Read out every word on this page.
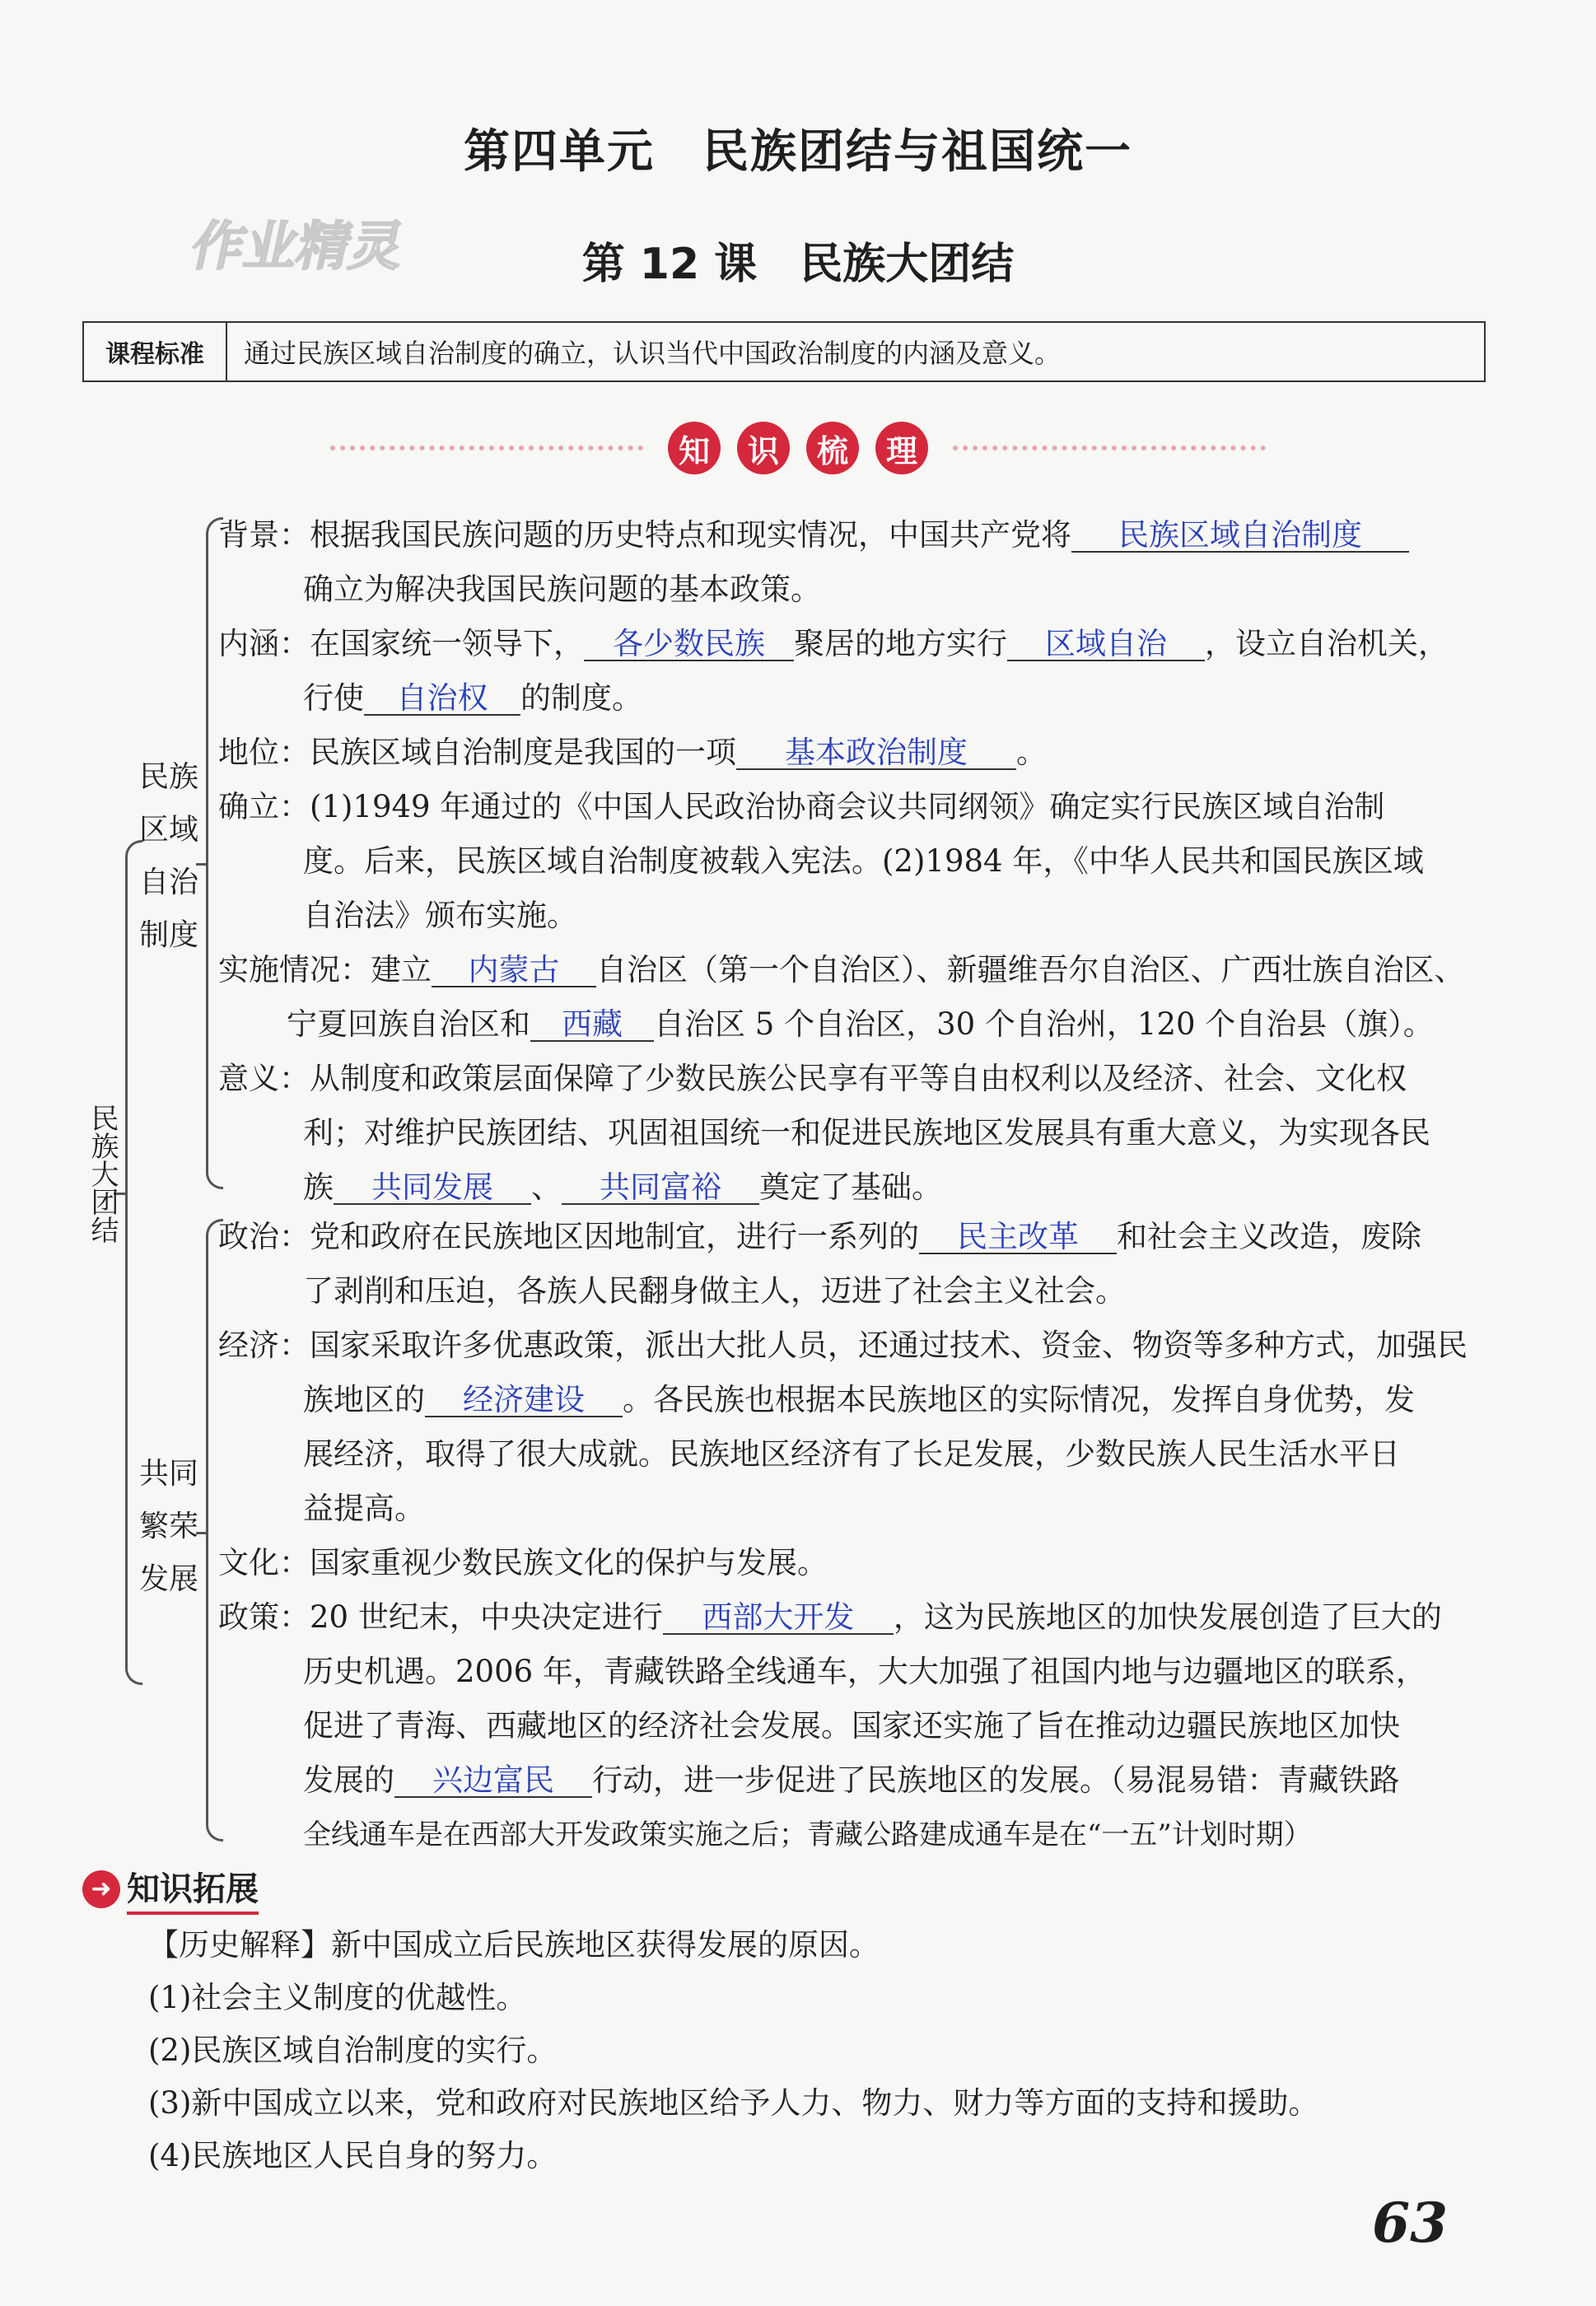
第四单元　民族团结与祖国统一
作业精灵	第 12 课　民族大团结
课程标准	通过民族区域自治制度的确立，认识当代中国政治制度的内涵及意义。
知	识	梳	理
民族大团结
民族区域自治制度
共同繁荣发展
背景：根据我国民族问题的历史特点和现实情况，中国共产党将 民族区域自治制度
确立为解决我国民族问题的基本政策。
内涵：在国家统一领导下， 各少数民族 聚居的地方实行 区域自治 ，设立自治机关，
行使 自治权 的制度。
地位：民族区域自治制度是我国的一项 基本政治制度 。
确立：(1)1949 年通过的《中国人民政治协商会议共同纲领》确定实行民族区域自治制
度。后来，民族区域自治制度被载入宪法。(2)1984 年，《中华人民共和国民族区域
自治法》颁布实施。
实施情况：建立 内蒙古 自治区（第一个自治区）、新疆维吾尔自治区、广西壮族自治区、
宁夏回族自治区和 西藏 自治区 5 个自治区，30 个自治州，120 个自治县（旗）。
意义：从制度和政策层面保障了少数民族公民享有平等自由权利以及经济、社会、文化权
利；对维护民族团结、巩固祖国统一和促进民族地区发展具有重大意义，为实现各民
族 共同发展 、 共同富裕 奠定了基础。
政治：党和政府在民族地区因地制宜，进行一系列的 民主改革 和社会主义改造，废除
了剥削和压迫，各族人民翻身做主人，迈进了社会主义社会。
经济：国家采取许多优惠政策，派出大批人员，还通过技术、资金、物资等多种方式，加强民
族地区的 经济建设 。各民族也根据本民族地区的实际情况，发挥自身优势，发
展经济，取得了很大成就。民族地区经济有了长足发展，少数民族人民生活水平日
益提高。
文化：国家重视少数民族文化的保护与发展。
政策：20 世纪末，中央决定进行 西部大开发 ，这为民族地区的加快发展创造了巨大的
历史机遇。2006 年，青藏铁路全线通车，大大加强了祖国内地与边疆地区的联系，
促进了青海、西藏地区的经济社会发展。国家还实施了旨在推动边疆民族地区加快
发展的 兴边富民 行动，进一步促进了民族地区的发展。（易混易错：青藏铁路
全线通车是在西部大开发政策实施之后；青藏公路建成通车是在“一五”计划时期）
➜ 知识拓展
【历史解释】新中国成立后民族地区获得发展的原因。
(1)社会主义制度的优越性。
(2)民族区域自治制度的实行。
(3)新中国成立以来，党和政府对民族地区给予人力、物力、财力等方面的支持和援助。
(4)民族地区人民自身的努力。
63
